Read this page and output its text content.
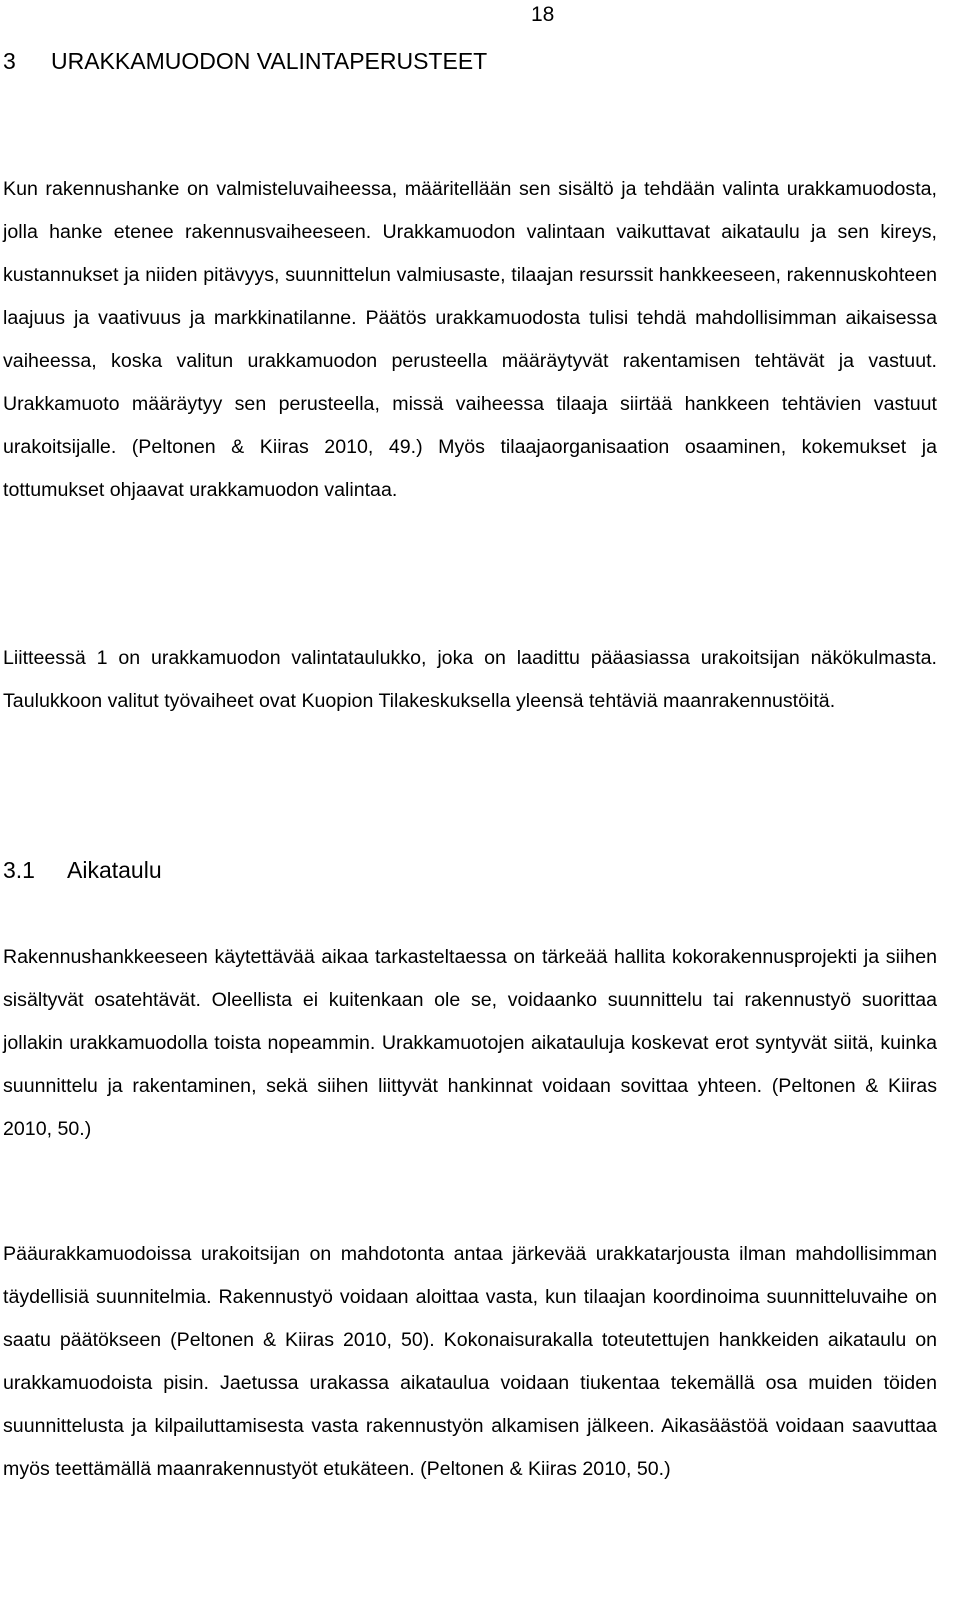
18
3 URAKKAMUODON VALINTAPERUSTEET

Kun rakennushanke on valmisteluvaiheessa, määritellään sen sisältö ja tehdään valinta urakkamuodosta, jolla hanke etenee rakennusvaiheeseen. Urakkamuodon valintaan vaikuttavat aikataulu ja sen kireys, kustannukset ja niiden pitävyys, suunnittelun valmiusaste, tilaajan resurssit hankkeeseen, rakennuskohteen laajuus ja vaativuus ja markkinatilanne. Päätös urakkamuodosta tulisi tehdä mahdollisimman aikaisessa vaiheessa, koska valitun urakkamuodon perusteella määräytyvät rakentamisen tehtävät ja vastuut. Urakkamuoto määräytyy sen perusteella, missä vaiheessa tilaaja siirtää hankkeen tehtävien vastuut urakoitsijalle. (Peltonen & Kiiras 2010, 49.) Myös tilaajaorganisaation osaaminen, kokemukset ja tottumukset ohjaavat urakkamuodon valintaa.

Liitteessä 1 on urakkamuodon valintataulukko, joka on laadittu pääasiassa urakoitsijan näkökulmasta. Taulukkoon valitut työvaiheet ovat Kuopion Tilakeskuksella yleensä tehtäviä maanrakennustöitä.

3.1 Aikataulu

Rakennushankkeeseen käytettävää aikaa tarkasteltaessa on tärkeää hallita kokorakennusprojekti ja siihen sisältyvät osatehtävät. Oleellista ei kuitenkaan ole se, voidaanko suunnittelu tai rakennustyö suorittaa jollakin urakkamuodolla toista nopeammin. Urakkamuotojen aikatauluja koskevat erot syntyvät siitä, kuinka suunnittelu ja rakentaminen, sekä siihen liittyvät hankinnat voidaan sovittaa yhteen. (Peltonen & Kiiras 2010, 50.)

Pääurakkamuodoissa urakoitsijan on mahdotonta antaa järkevää urakkatarjousta ilman mahdollisimman täydellisiä suunnitelmia. Rakennustyö voidaan aloittaa vasta, kun tilaajan koordinoima suunnitteluvaihe on saatu päätökseen (Peltonen & Kiiras 2010, 50). Kokonaisurakalla toteutettujen hankkeiden aikataulu on urakkamuodoista pisin. Jaetussa urakassa aikataulua voidaan tiukentaa tekemällä osa muiden töiden suunnittelusta ja kilpailuttamisesta vasta rakennustyön alkamisen jälkeen. Aikasäästöä voidaan saavuttaa myös teettämällä maanrakennustyöt etukäteen. (Peltonen & Kiiras 2010, 50.)
